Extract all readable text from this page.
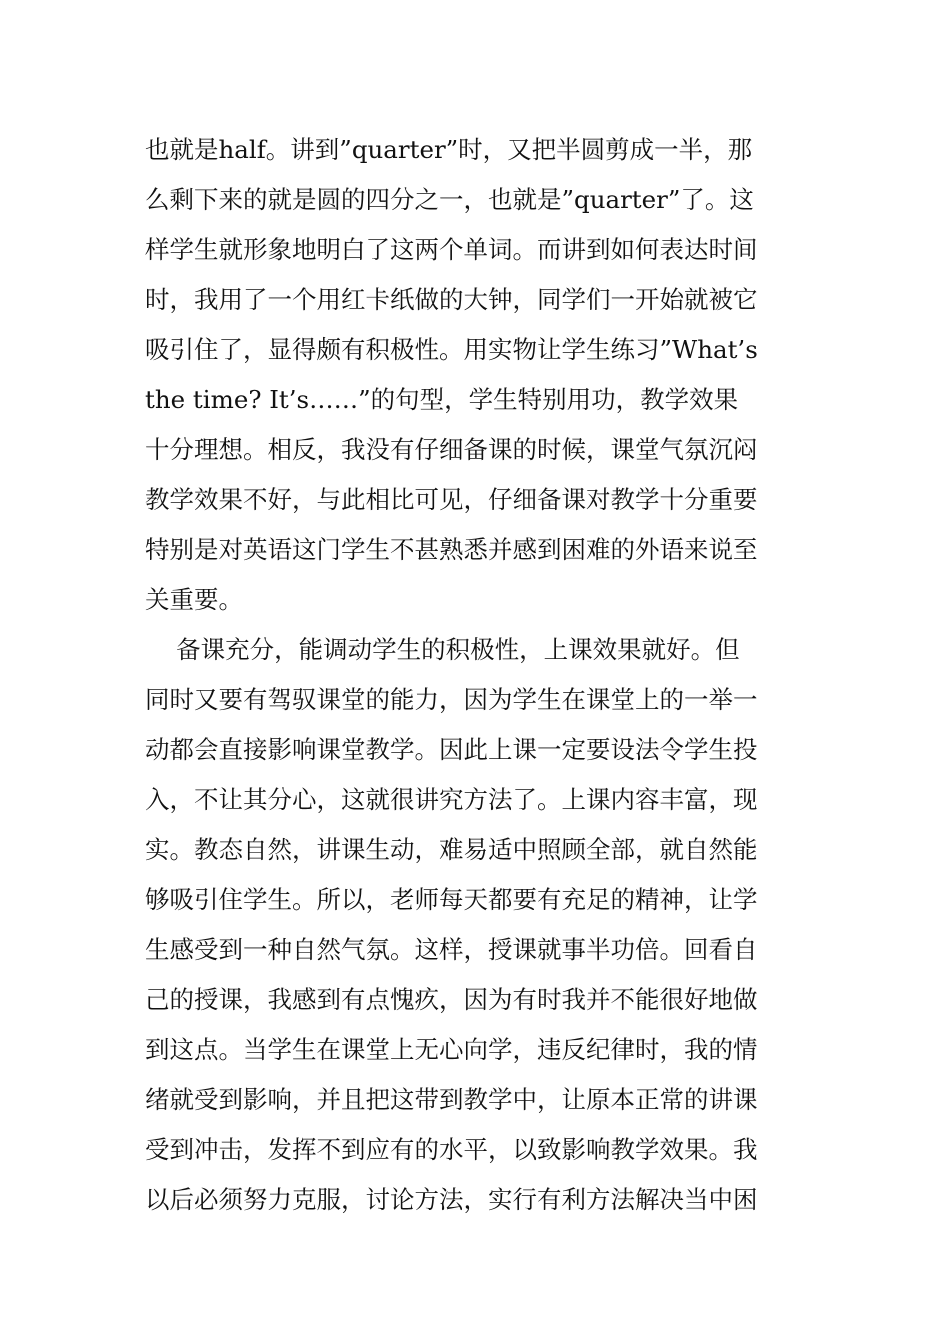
也就是half。讲到”quarter”时，又把半圆剪成一半，那
么剩下来的就是圆的四分之一，也就是”quarter”了。这
样学生就形象地明白了这两个单词。而讲到如何表达时间
时，我用了一个用红卡纸做的大钟，同学们一开始就被它
吸引住了，显得颇有积极性。用实物让学生练习”What’s
the time? It’s……”的句型，学生特别用功，教学效果
十分理想。相反，我没有仔细备课的时候，课堂气氛沉闷
教学效果不好，与此相比可见，仔细备课对教学十分重要
特别是对英语这门学生不甚熟悉并感到困难的外语来说至
关重要。
备课充分，能调动学生的积极性，上课效果就好。但
同时又要有驾驭课堂的能力，因为学生在课堂上的一举一
动都会直接影响课堂教学。因此上课一定要设法令学生投
入，不让其分心，这就很讲究方法了。上课内容丰富，现
实。教态自然，讲课生动，难易适中照顾全部，就自然能
够吸引住学生。所以，老师每天都要有充足的精神，让学
生感受到一种自然气氛。这样，授课就事半功倍。回看自
己的授课，我感到有点愧疚，因为有时我并不能很好地做
到这点。当学生在课堂上无心向学，违反纪律时，我的情
绪就受到影响，并且把这带到教学中，让原本正常的讲课
受到冲击，发挥不到应有的水平，以致影响教学效果。我
以后必须努力克服，讨论方法，实行有利方法解决当中困
